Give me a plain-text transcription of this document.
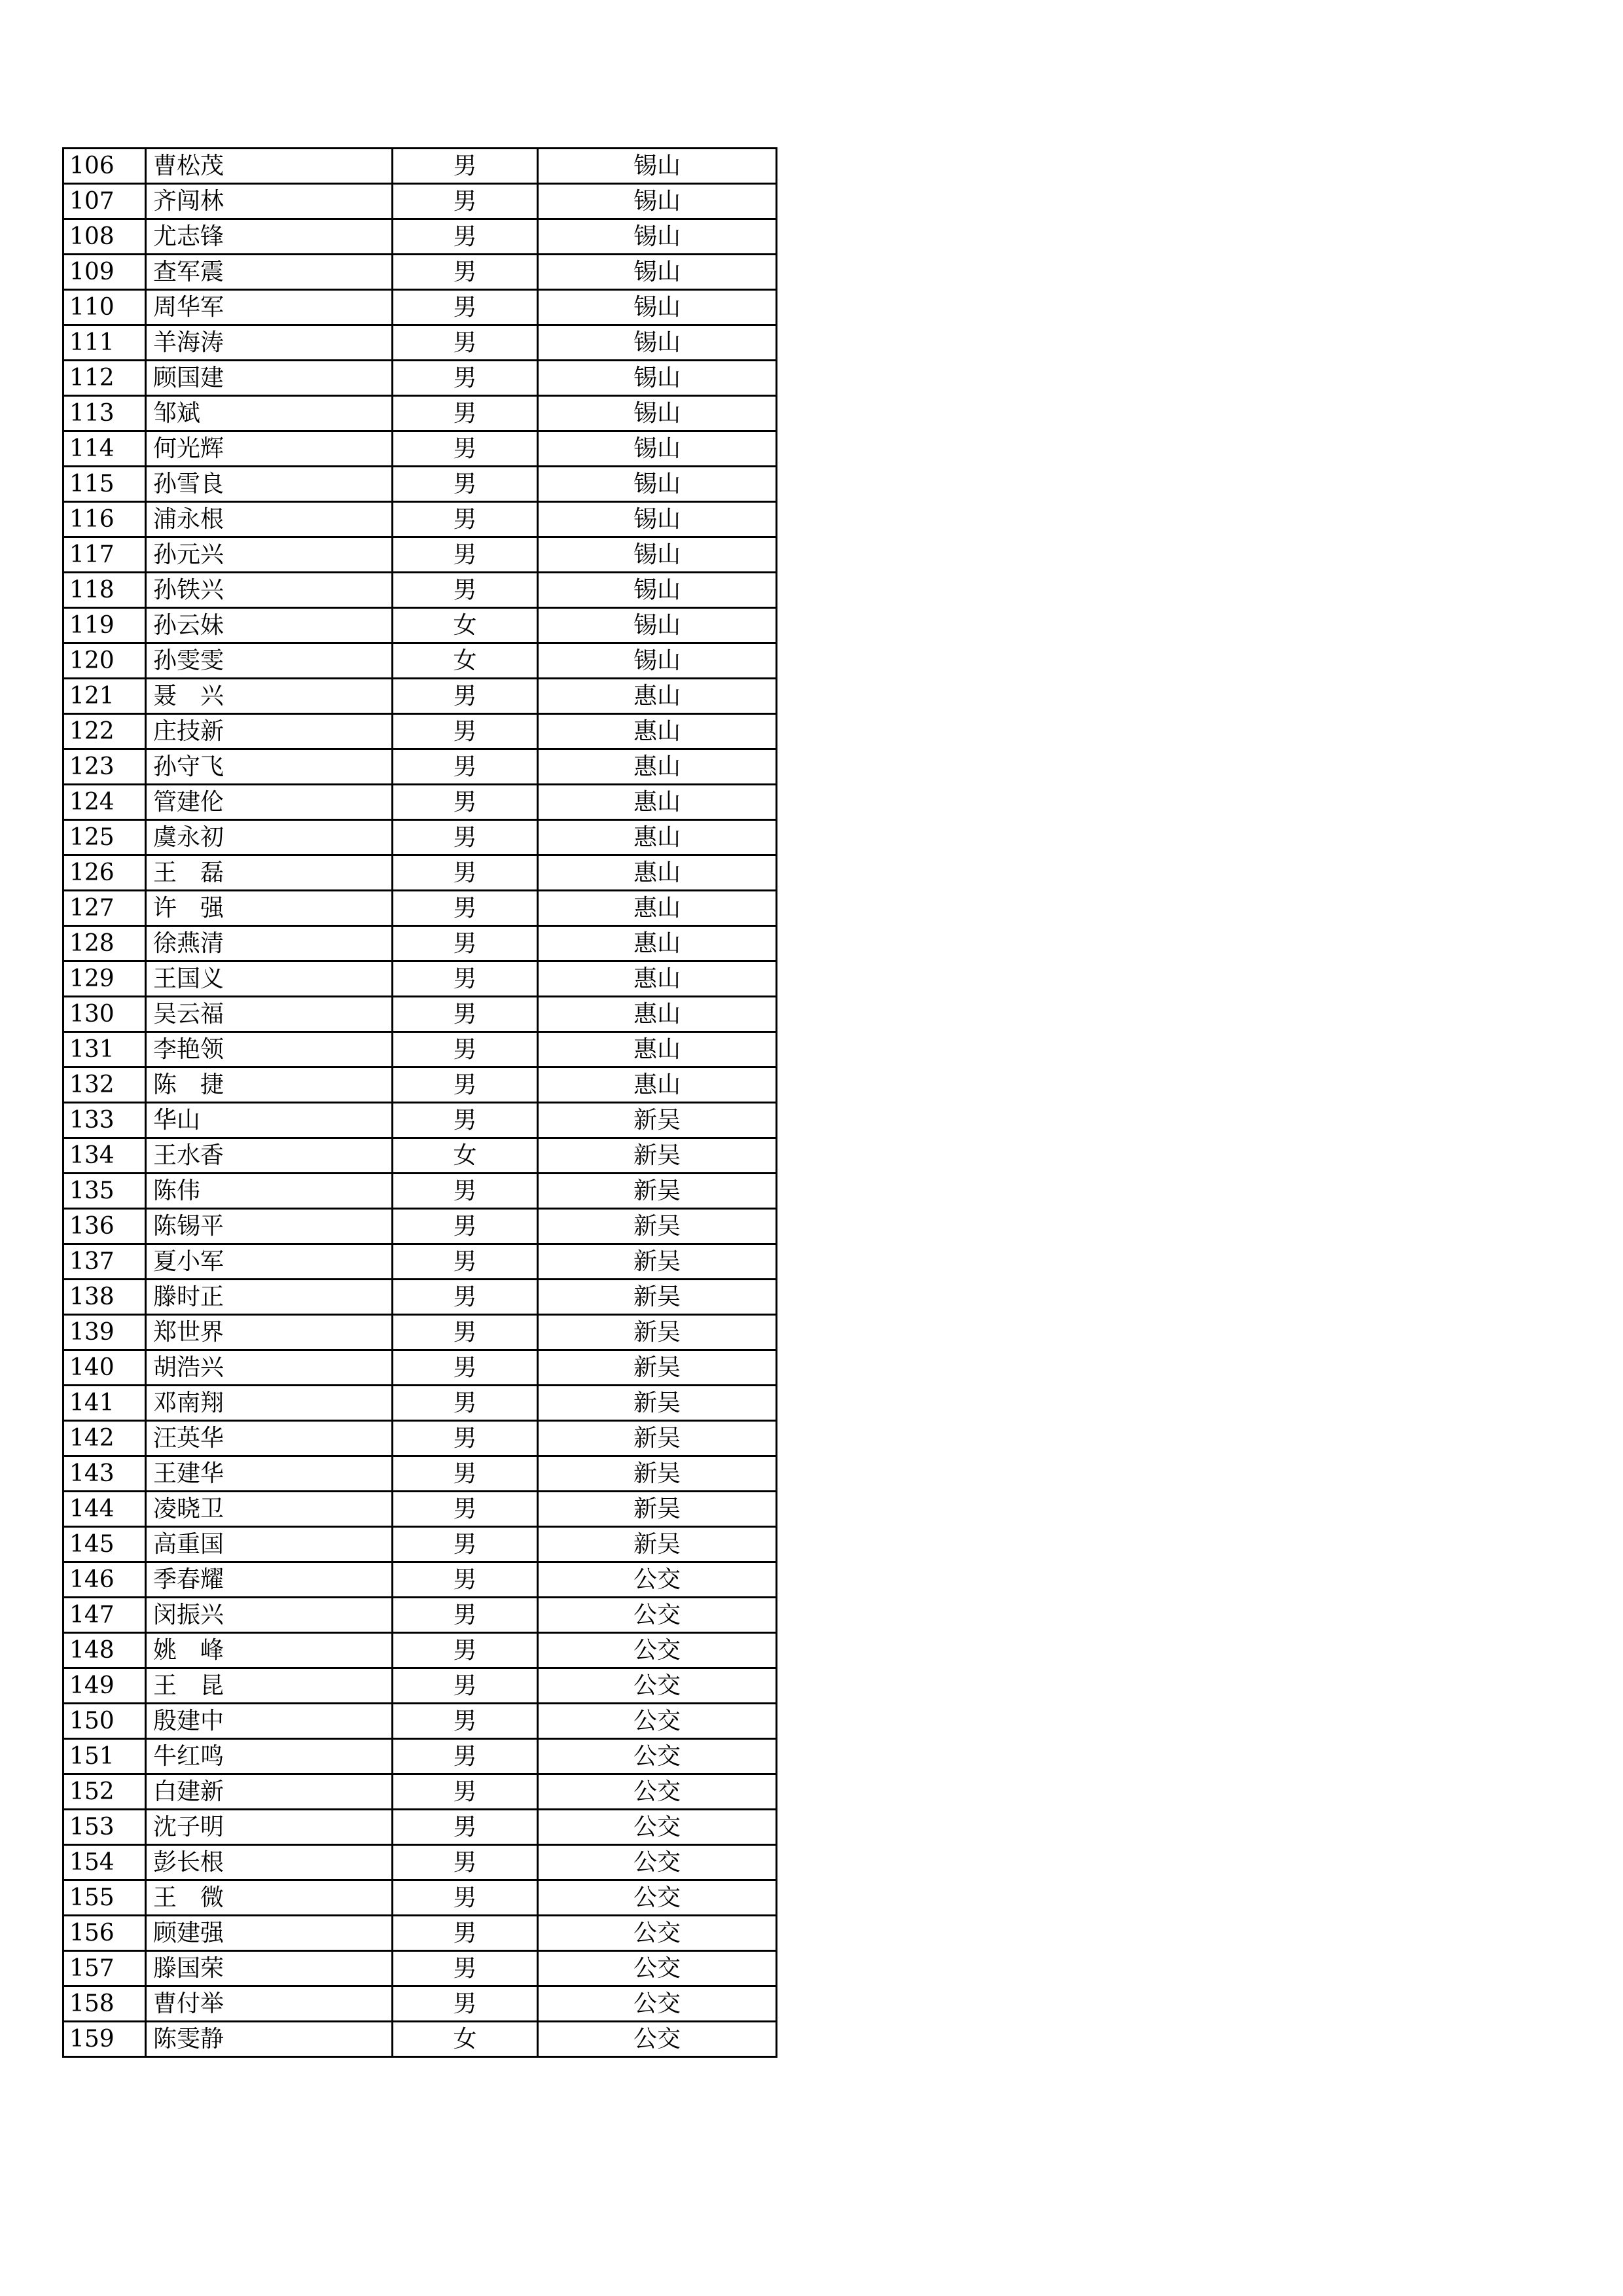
106	曹松茂	男	锡山
107	齐闯林	男	锡山
108	尤志锋	男	锡山
109	查军震	男	锡山
110	周华军	男	锡山
111	羊海涛	男	锡山
112	顾国建	男	锡山
113	邹斌	男	锡山
114	何光辉	男	锡山
115	孙雪良	男	锡山
116	浦永根	男	锡山
117	孙元兴	男	锡山
118	孙铁兴	男	锡山
119	孙云妹	女	锡山
120	孙雯雯	女	锡山
121	聂　兴	男	惠山
122	庄技新	男	惠山
123	孙守飞	男	惠山
124	管建伦	男	惠山
125	虞永初	男	惠山
126	王　磊	男	惠山
127	许　强	男	惠山
128	徐燕清	男	惠山
129	王国义	男	惠山
130	吴云福	男	惠山
131	李艳领	男	惠山
132	陈　捷	男	惠山
133	华山	男	新吴
134	王水香	女	新吴
135	陈伟	男	新吴
136	陈锡平	男	新吴
137	夏小军	男	新吴
138	滕时正	男	新吴
139	郑世界	男	新吴
140	胡浩兴	男	新吴
141	邓南翔	男	新吴
142	汪英华	男	新吴
143	王建华	男	新吴
144	凌晓卫	男	新吴
145	高重国	男	新吴
146	季春耀	男	公交
147	闵振兴	男	公交
148	姚　峰	男	公交
149	王　昆	男	公交
150	殷建中	男	公交
151	牛红鸣	男	公交
152	白建新	男	公交
153	沈子明	男	公交
154	彭长根	男	公交
155	王　微	男	公交
156	顾建强	男	公交
157	滕国荣	男	公交
158	曹付举	男	公交
159	陈雯静	女	公交
